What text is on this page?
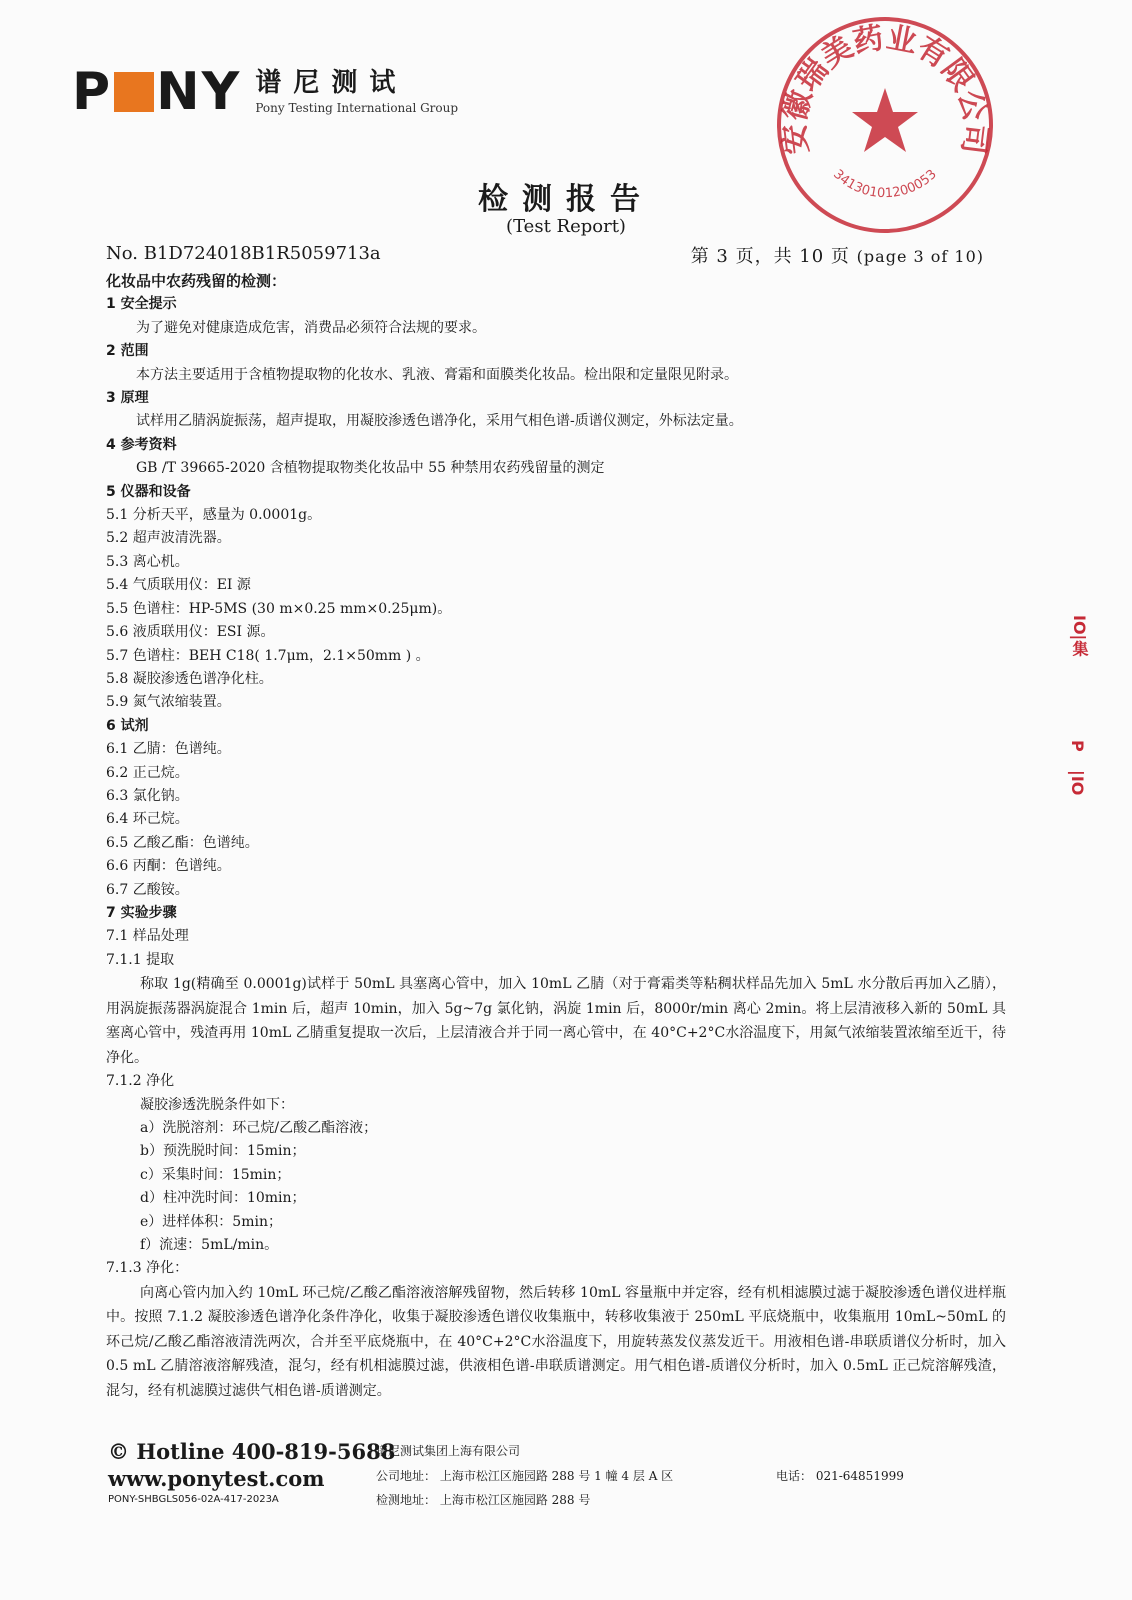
P NY 谱尼测试
Pony Testing International Group
安徽瑞美药业有限公司
34130101200053
检测报告
(Test Report)
No. B1D724018B1R5059713a	第 3 页，共 10 页 (page 3 of 10)
化妆品中农药残留的检测：
1 安全提示
为了避免对健康造成危害，消费品必须符合法规的要求。
2 范围
本方法主要适用于含植物提取物的化妆水、乳液、膏霜和面膜类化妆品。检出限和定量限见附录。
3 原理
试样用乙腈涡旋振荡，超声提取，用凝胶渗透色谱净化，采用气相色谱-质谱仪测定，外标法定量。
4 参考资料
GB /T 39665-2020 含植物提取物类化妆品中 55 种禁用农药残留量的测定
5 仪器和设备
5.1 分析天平，感量为 0.0001g。
5.2 超声波清洗器。
5.3 离心机。
5.4 气质联用仪：EI 源
5.5 色谱柱：HP-5MS (30 m×0.25 mm×0.25μm)。
5.6 液质联用仪：ESI 源。
5.7 色谱柱：BEH C18( 1.7μm，2.1×50mm ) 。
5.8 凝胶渗透色谱净化柱。
5.9 氮气浓缩装置。
6 试剂
6.1 乙腈：色谱纯。
6.2 正己烷。
6.3 氯化钠。
6.4 环己烷。
6.5 乙酸乙酯：色谱纯。
6.6 丙酮：色谱纯。
6.7 乙酸铵。
7 实验步骤
7.1 样品处理
7.1.1 提取
称取 1g(精确至 0.0001g)试样于 50mL 具塞离心管中，加入 10mL 乙腈（对于膏霜类等粘稠状样品先加入 5mL 水分散后再加入乙腈），用涡旋振荡器涡旋混合 1min 后，超声 10min，加入 5g~7g 氯化钠，涡旋 1min 后，8000r/min 离心 2min。将上层清液移入新的 50mL 具塞离心管中，残渣再用 10mL 乙腈重复提取一次后，上层清液合并于同一离心管中，在 40°C+2°C水浴温度下，用氮气浓缩装置浓缩至近干，待净化。
7.1.2 净化
凝胶渗透洗脱条件如下：
a）洗脱溶剂：环己烷/乙酸乙酯溶液；
b）预洗脱时间：15min；
c）采集时间：15min；
d）柱冲洗时间：10min；
e）进样体积：5min；
f）流速：5mL/min。
7.1.3 净化：
向离心管内加入约 10mL 环己烷/乙酸乙酯溶液溶解残留物，然后转移 10mL 容量瓶中并定容，经有机相滤膜过滤于凝胶渗透色谱仪进样瓶中。按照 7.1.2 凝胶渗透色谱净化条件净化，收集于凝胶渗透色谱仪收集瓶中，转移收集液于 250mL 平底烧瓶中，收集瓶用 10mL~50mL 的环己烷/乙酸乙酯溶液清洗两次，合并至平底烧瓶中，在 40°C+2°C水浴温度下，用旋转蒸发仪蒸发近干。用液相色谱-串联质谱仪分析时，加入 0.5 mL 乙腈溶液溶解残渣，混匀，经有机相滤膜过滤，供液相色谱-串联质谱测定。用气相色谱-质谱仪分析时，加入 0.5mL 正己烷溶解残渣，混匀，经有机滤膜过滤供气相色谱-质谱测定。
© Hotline 400-819-5688
www.ponytest.com
PONY-SHBGLS056-02A-417-2023A
谱尼测试集团上海有限公司
公司地址： 上海市松江区施园路 288 号 1 幢 4 层 A 区
检测地址： 上海市松江区施园路 288 号
电话： 021-64851999
IO|集
P
|IO
